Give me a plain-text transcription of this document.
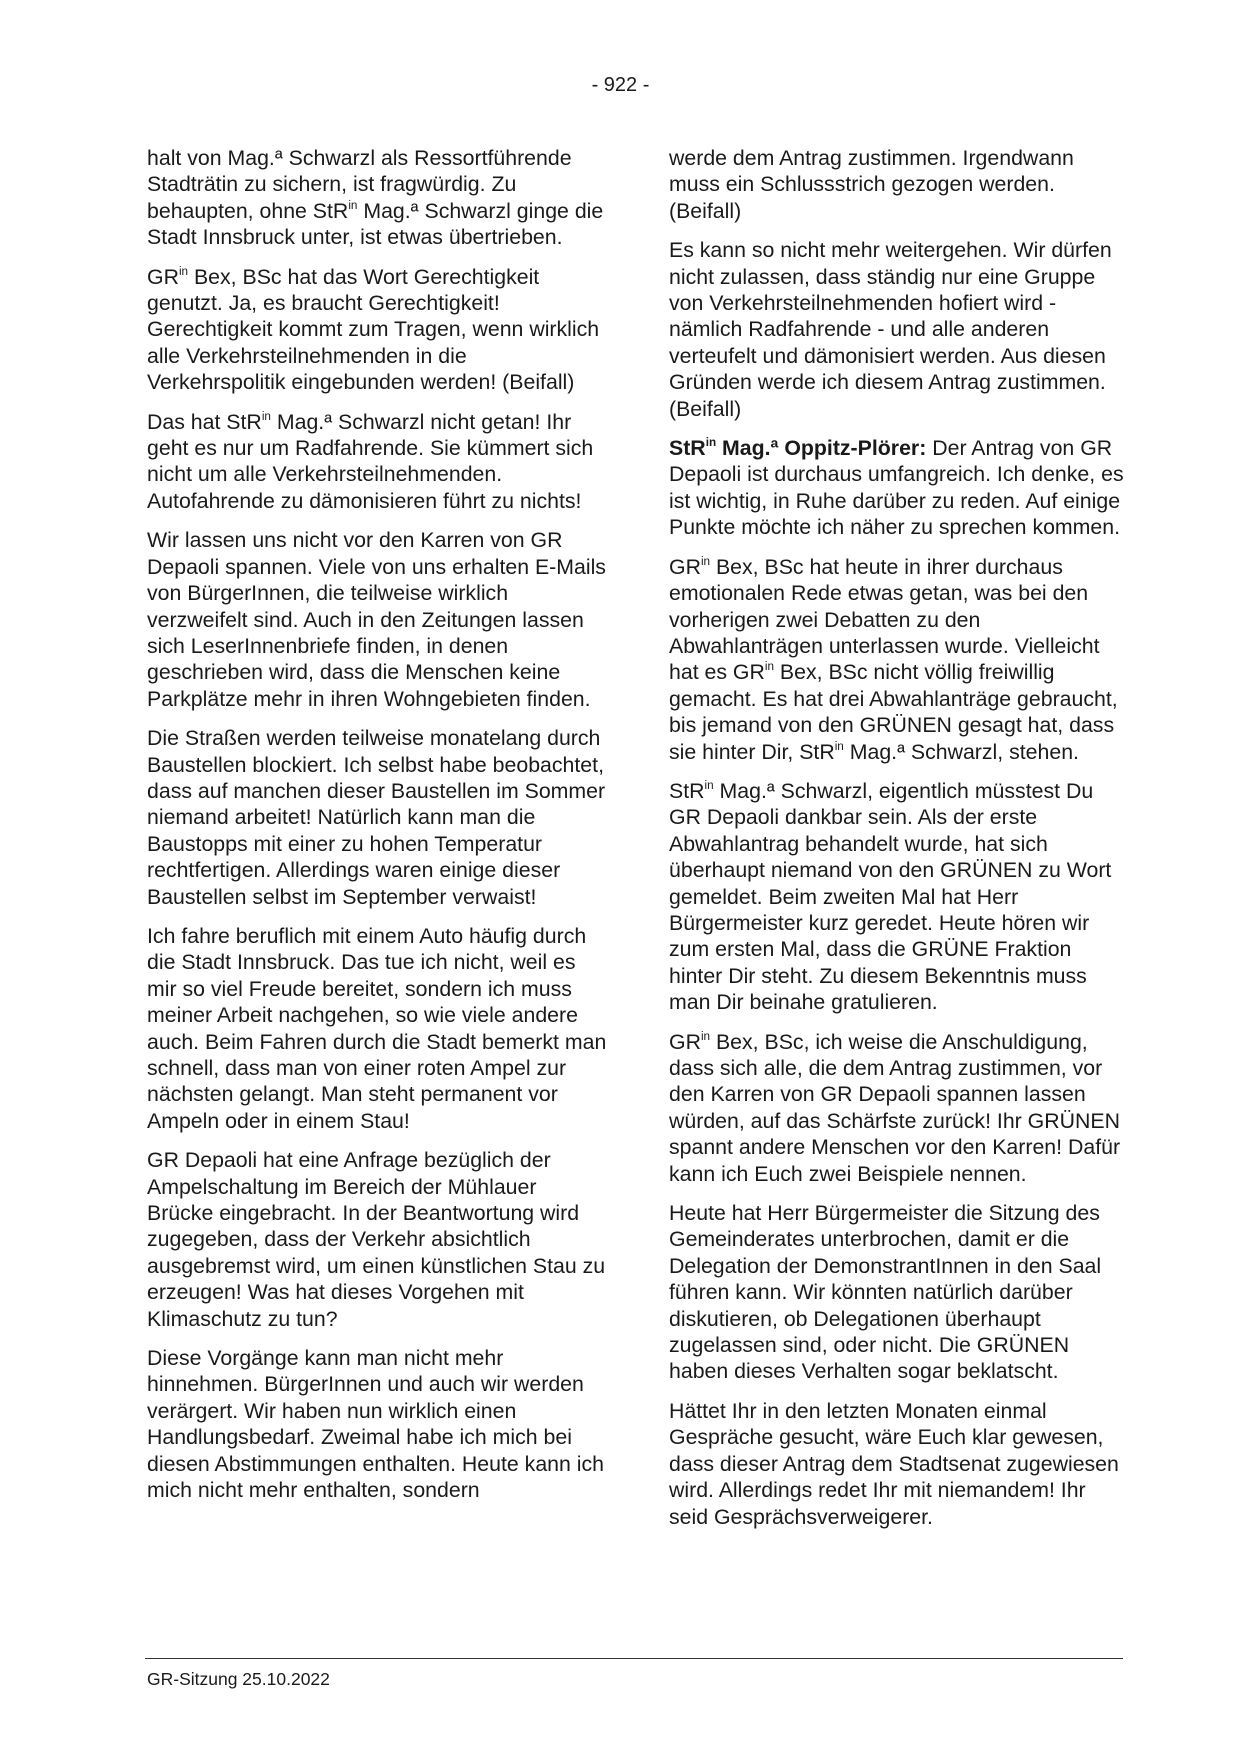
- 922 -

halt von Mag.ª Schwarzl als Ressortführende Stadträtin zu sichern, ist fragwürdig. Zu behaupten, ohne StR$^{in}$ Mag.ª Schwarzl ginge die Stadt Innsbruck unter, ist etwas übertrieben.

$GR^{in}$ Bex, BSc hat das Wort Gerechtigkeit genutzt. Ja, es braucht Gerechtigkeit! Gerechtigkeit kommt zum Tragen, wenn wirklich alle Verkehrsteilnehmenden in die Verkehrspolitik eingebunden werden! (Beifall)

Das hat StR$^{in}$ Mag.ª Schwarzl nicht getan! Ihr geht es nur um Radfahrende. Sie kümmert sich nicht um alle Verkehrsteilnehmenden. Autofahrende zu dämonisieren führt zu nichts!

Wir lassen uns nicht vor den Karren von GR Depaoli spannen. Viele von uns erhalten E-Mails von BürgerInnen, die teilweise wirklich verzweifelt sind. Auch in den Zeitungen lassen sich LeserInnenbriefe finden, in denen geschrieben wird, dass die Menschen keine Parkplätze mehr in ihren Wohngebieten finden.

Die Straßen werden teilweise monatelang durch Baustellen blockiert. Ich selbst habe beobachtet, dass auf manchen dieser Baustellen im Sommer niemand arbeitet! Natürlich kann man die Baustopps mit einer zu hohen Temperatur rechtfertigen. Allerdings waren einige dieser Baustellen selbst im September verwaist!

Ich fahre beruflich mit einem Auto häufig durch die Stadt Innsbruck. Das tue ich nicht, weil es mir so viel Freude bereitet, sondern ich muss meiner Arbeit nachgehen, so wie viele andere auch. Beim Fahren durch die Stadt bemerkt man schnell, dass man von einer roten Ampel zur nächsten gelangt. Man steht permanent vor Ampeln oder in einem Stau!

GR Depaoli hat eine Anfrage bezüglich der Ampelschaltung im Bereich der Mühlauer Brücke eingebracht. In der Beantwortung wird zugegeben, dass der Verkehr absichtlich ausgebremst wird, um einen künstlichen Stau zu erzeugen! Was hat dieses Vorgehen mit Klimaschutz zu tun?

Diese Vorgänge kann man nicht mehr hinnehmen. BürgerInnen und auch wir werden verärgert. Wir haben nun wirklich einen Handlungsbedarf. Zweimal habe ich mich bei diesen Abstimmungen enthalten. Heute kann ich mich nicht mehr enthalten, sondern

werde dem Antrag zustimmen. Irgendwann muss ein Schlussstrich gezogen werden. (Beifall)

Es kann so nicht mehr weitergehen. Wir dürfen nicht zulassen, dass ständig nur eine Gruppe von Verkehrsteilnehmenden hofiert wird - nämlich Radfahrende - und alle anderen verteufelt und dämonisiert werden. Aus diesen Gründen werde ich diesem Antrag zustimmen. (Beifall)

StR$^{in}$ Mag.ª Oppitz-Plörer: Der Antrag von GR Depaoli ist durchaus umfangreich. Ich denke, es ist wichtig, in Ruhe darüber zu reden. Auf einige Punkte möchte ich näher zu sprechen kommen.

$GR^{in}$ Bex, BSc hat heute in ihrer durchaus emotionalen Rede etwas getan, was bei den vorherigen zwei Debatten zu den Abwahlanträgen unterlassen wurde. Vielleicht hat es $GR^{in}$ Bex, BSc nicht völlig freiwillig gemacht. Es hat drei Abwahlanträge gebraucht, bis jemand von den GRÜNEN gesagt hat, dass sie hinter Dir, StR$^{in}$ Mag.ª Schwarzl, stehen.

StR$^{in}$ Mag.ª Schwarzl, eigentlich müsstest Du GR Depaoli dankbar sein. Als der erste Abwahlantrag behandelt wurde, hat sich überhaupt niemand von den GRÜNEN zu Wort gemeldet. Beim zweiten Mal hat Herr Bürgermeister kurz geredet. Heute hören wir zum ersten Mal, dass die GRÜNE Fraktion hinter Dir steht. Zu diesem Bekenntnis muss man Dir beinahe gratulieren.

$GR^{in}$ Bex, BSc, ich weise die Anschuldigung, dass sich alle, die dem Antrag zustimmen, vor den Karren von GR Depaoli spannen lassen würden, auf das Schärfste zurück! Ihr GRÜNEN spannt andere Menschen vor den Karren! Dafür kann ich Euch zwei Beispiele nennen.

Heute hat Herr Bürgermeister die Sitzung des Gemeinderates unterbrochen, damit er die Delegation der DemonstrantInnen in den Saal führen kann. Wir könnten natürlich darüber diskutieren, ob Delegationen überhaupt zugelassen sind, oder nicht. Die GRÜNEN haben dieses Verhalten sogar beklatscht.

Hättet Ihr in den letzten Monaten einmal Gespräche gesucht, wäre Euch klar gewesen, dass dieser Antrag dem Stadtsenat zugewiesen wird. Allerdings redet Ihr mit niemandem! Ihr seid Gesprächsverweigerer.

GR-Sitzung 25.10.2022
